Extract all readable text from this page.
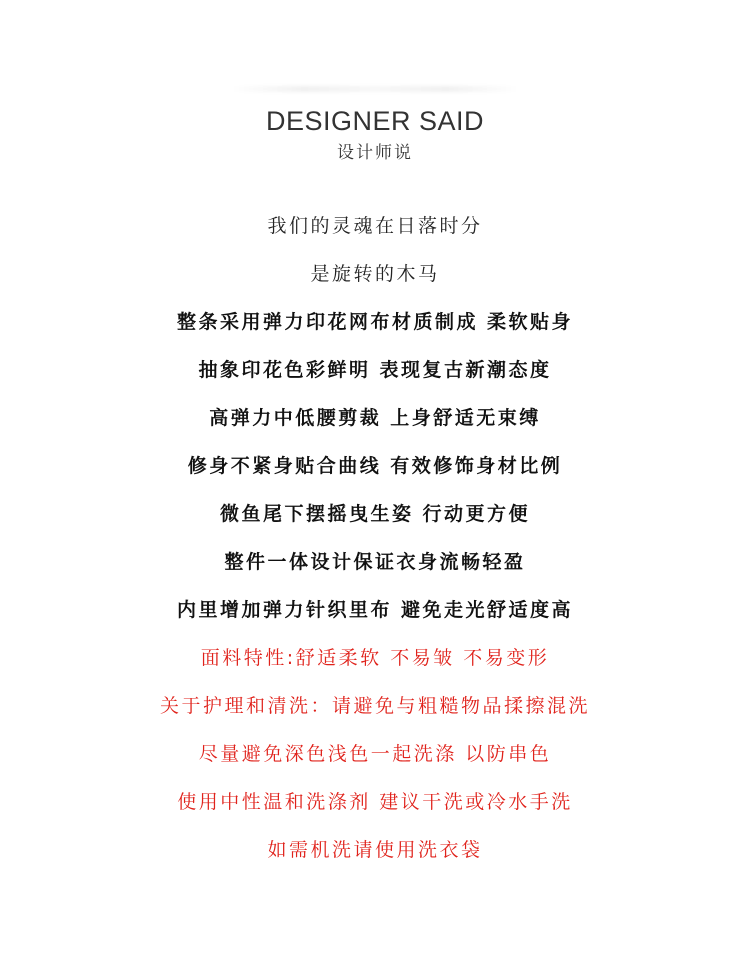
DESIGNER SAID
设计师说
我们的灵魂在日落时分
是旋转的木马
整条采用弹力印花网布材质制成 柔软贴身
抽象印花色彩鲜明 表现复古新潮态度
高弹力中低腰剪裁 上身舒适无束缚
修身不紧身贴合曲线 有效修饰身材比例
微鱼尾下摆摇曳生姿 行动更方便
整件一体设计保证衣身流畅轻盈
内里增加弹力针织里布 避免走光舒适度高
面料特性:舒适柔软 不易皱 不易变形
关于护理和清洗：请避免与粗糙物品揉擦混洗
尽量避免深色浅色一起洗涤 以防串色
使用中性温和洗涤剂 建议干洗或冷水手洗
如需机洗请使用洗衣袋
